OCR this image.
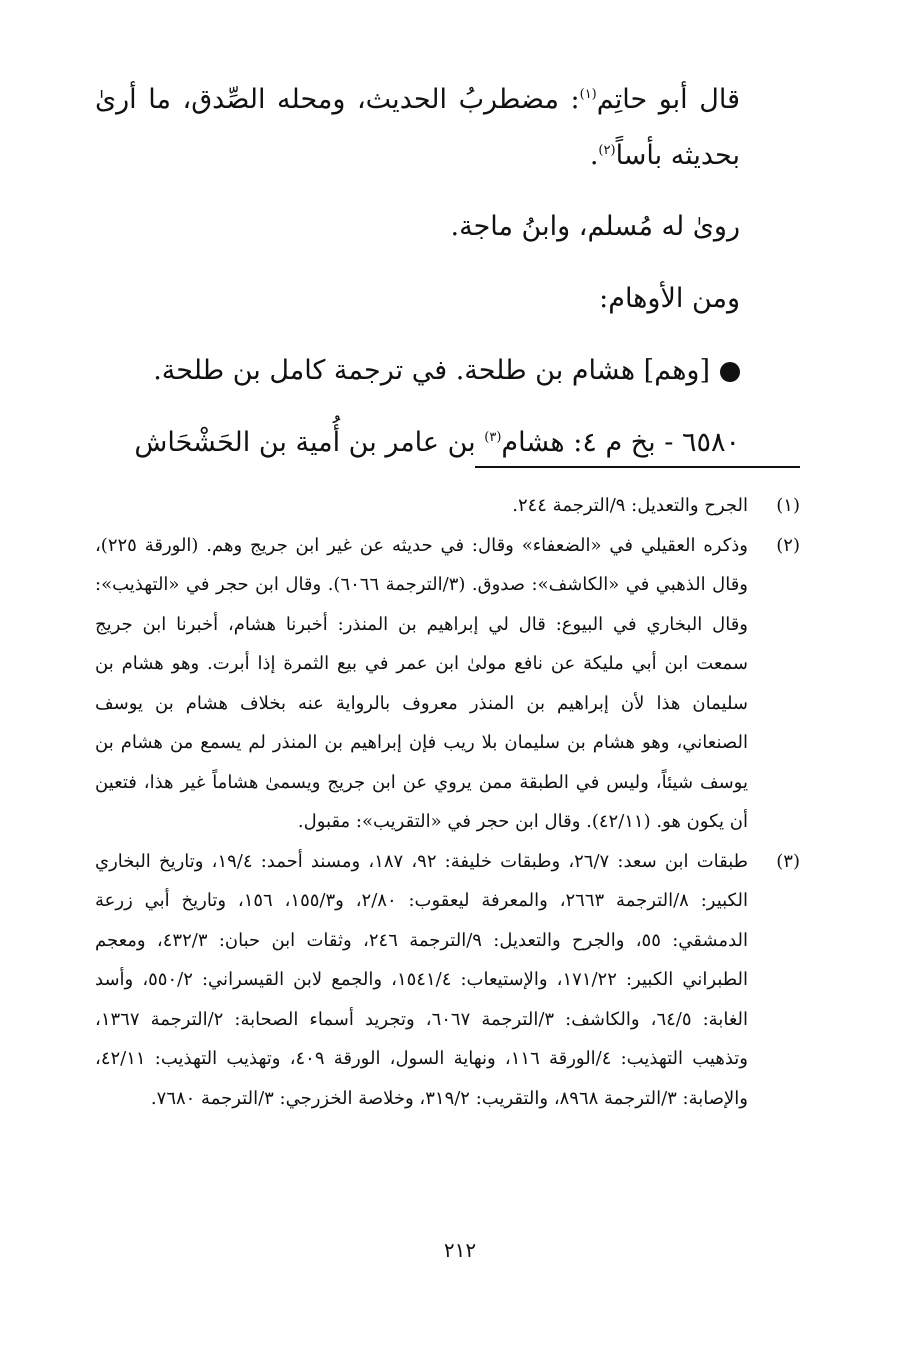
قال أبو حاتِم$^{(١)}$: مضطربُ الحديث، ومحله الصِّدق، ما أرىٰ بحديثه بأساً$^{(٢)}$.

روىٰ له مُسلم، وابنُ ماجة.

ومن الأوهام:

[وهم] هشام بن طلحة. في ترجمة كامل بن طلحة.

٦٥٨٠ - بخ م ٤: هشام$^{(٣)}$ بن عامر بن أُمية بن الحَشْحَاش

(١)
الجرح والتعديل: ٩/الترجمة ٢٤٤.
(٢)
وذكره العقيلي في «الضعفاء» وقال: في حديثه عن غير ابن جريج وهم. (الورقة ٢٢٥)، وقال الذهبي في «الكاشف»: صدوق. (٣/الترجمة ٦٠٦٦). وقال ابن حجر في «التهذيب»: وقال البخاري في البيوع: قال لي إبراهيم بن المنذر: أخبرنا هشام، أخبرنا ابن جريج سمعت ابن أبي مليكة عن نافع مولىٰ ابن عمر في بيع الثمرة إذا أبرت. وهو هشام بن سليمان هذا لأن إبراهيم بن المنذر معروف بالرواية عنه بخلاف هشام بن يوسف الصنعاني، وهو هشام بن سليمان بلا ريب فإن إبراهيم بن المنذر لم يسمع من هشام بن يوسف شيئاً، وليس في الطبقة ممن يروي عن ابن جريج ويسمىٰ هشاماً غير هذا، فتعين أن يكون هو. (٤٢/١١). وقال ابن حجر في «التقريب»: مقبول.
(٣)
طبقات ابن سعد: ٢٦/٧، وطبقات خليفة: ٩٢، ١٨٧، ومسند أحمد: ١٩/٤، وتاريخ البخاري الكبير: ٨/الترجمة ٢٦٦٣، والمعرفة ليعقوب: ٢/٨٠، و١٥٥/٣، ١٥٦، وتاريخ أبي زرعة الدمشقي: ٥٥، والجرح والتعديل: ٩/الترجمة ٢٤٦، وثقات ابن حبان: ٤٣٢/٣، ومعجم الطبراني الكبير: ١٧١/٢٢، والإستيعاب: ١٥٤١/٤، والجمع لابن القيسراني: ٥٥٠/٢، وأسد الغابة: ٦٤/٥، والكاشف: ٣/الترجمة ٦٠٦٧، وتجريد أسماء الصحابة: ٢/الترجمة ١٣٦٧، وتذهيب التهذيب: ٤/الورقة ١١٦، ونهاية السول، الورقة ٤٠٩، وتهذيب التهذيب: ٤٢/١١، والإصابة: ٣/الترجمة ٨٩٦٨، والتقريب: ٣١٩/٢، وخلاصة الخزرجي: ٣/الترجمة ٧٦٨٠.
٢١٢
